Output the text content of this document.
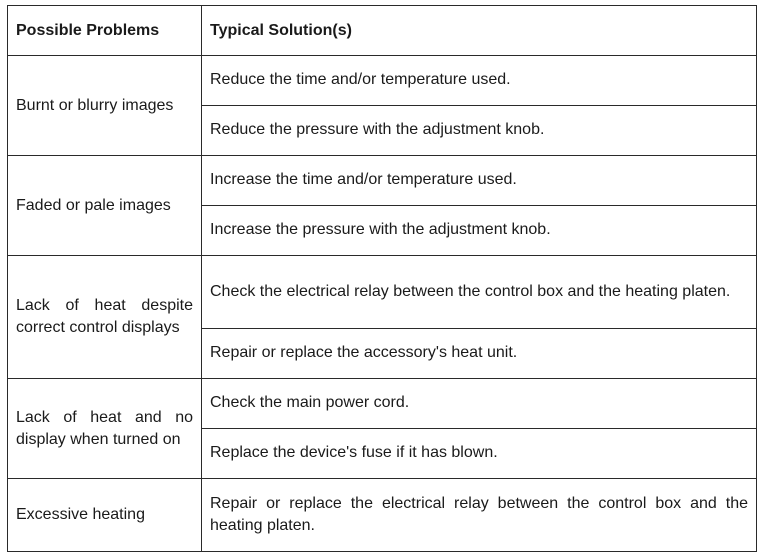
Possible Problems	Typical Solution(s)
Burnt or blurry images	Reduce the time and/or temperature used.
	Reduce the pressure with the adjustment knob.
Faded or pale images	Increase the time and/or temperature used.
	Increase the pressure with the adjustment knob.
Lack of heat despite correct control displays	Check the electrical relay between the control box and the heating platen.
	Repair or replace the accessory's heat unit.
Lack of heat and no display when turned on	Check the main power cord.
	Replace the device's fuse if it has blown.
Excessive heating	Repair or replace the electrical relay between the control box and the heating platen.
